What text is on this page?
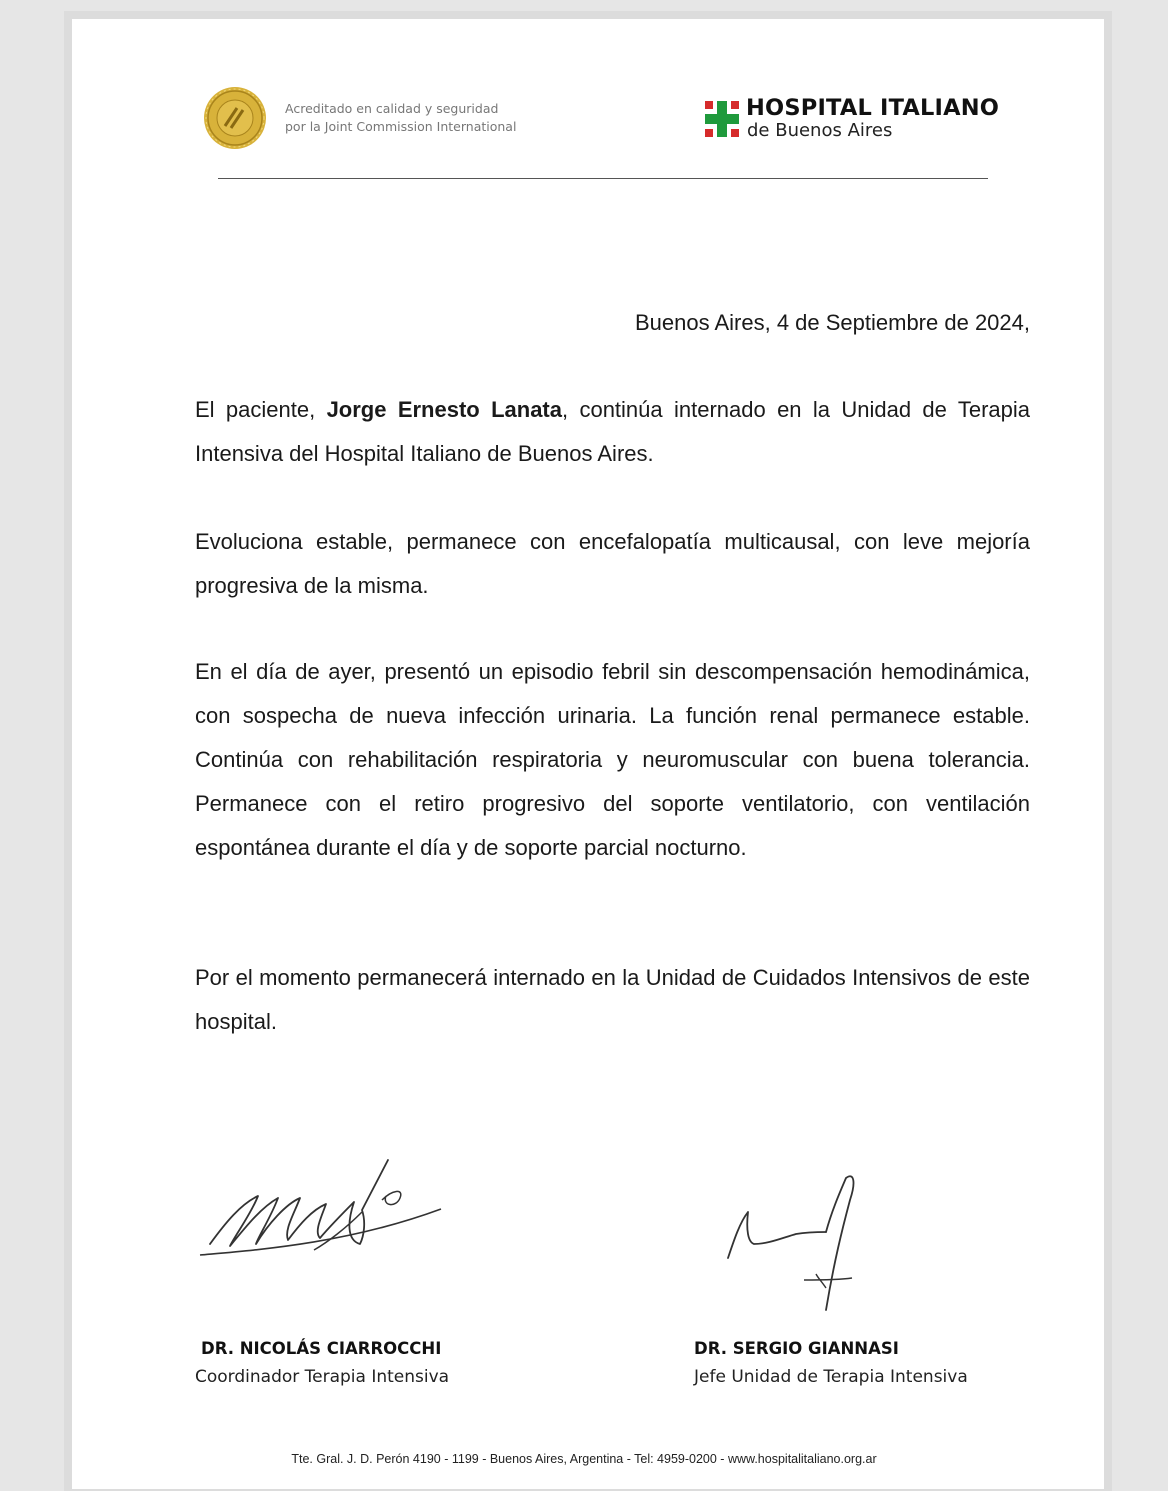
Acreditado en calidad y seguridad
por la Joint Commission International
HOSPITAL ITALIANO
de Buenos Aires
Buenos Aires, 4 de Septiembre de 2024,

El paciente, Jorge Ernesto Lanata, continúa internado en la Unidad de Terapia Intensiva del Hospital Italiano de Buenos Aires.

Evoluciona estable, permanece con encefalopatía multicausal, con leve mejoría progresiva de la misma.

En el día de ayer, presentó un episodio febril sin descompensación hemodinámica, con sospecha de nueva infección urinaria. La función renal permanece estable. Continúa con rehabilitación respiratoria y neuromuscular con buena tolerancia. Permanece con el retiro progresivo del soporte ventilatorio, con ventilación espontánea durante el día y de soporte parcial nocturno.

Por el momento permanecerá internado en la Unidad de Cuidados Intensivos de este hospital.

DR. NICOLÁS CIARROCCHI
Coordinador Terapia Intensiva
DR. SERGIO GIANNASI
Jefe Unidad de Terapia Intensiva
Tte. Gral. J. D. Perón 4190 - 1199 - Buenos Aires, Argentina - Tel: 4959-0200 - www.hospitalitaliano.org.ar
